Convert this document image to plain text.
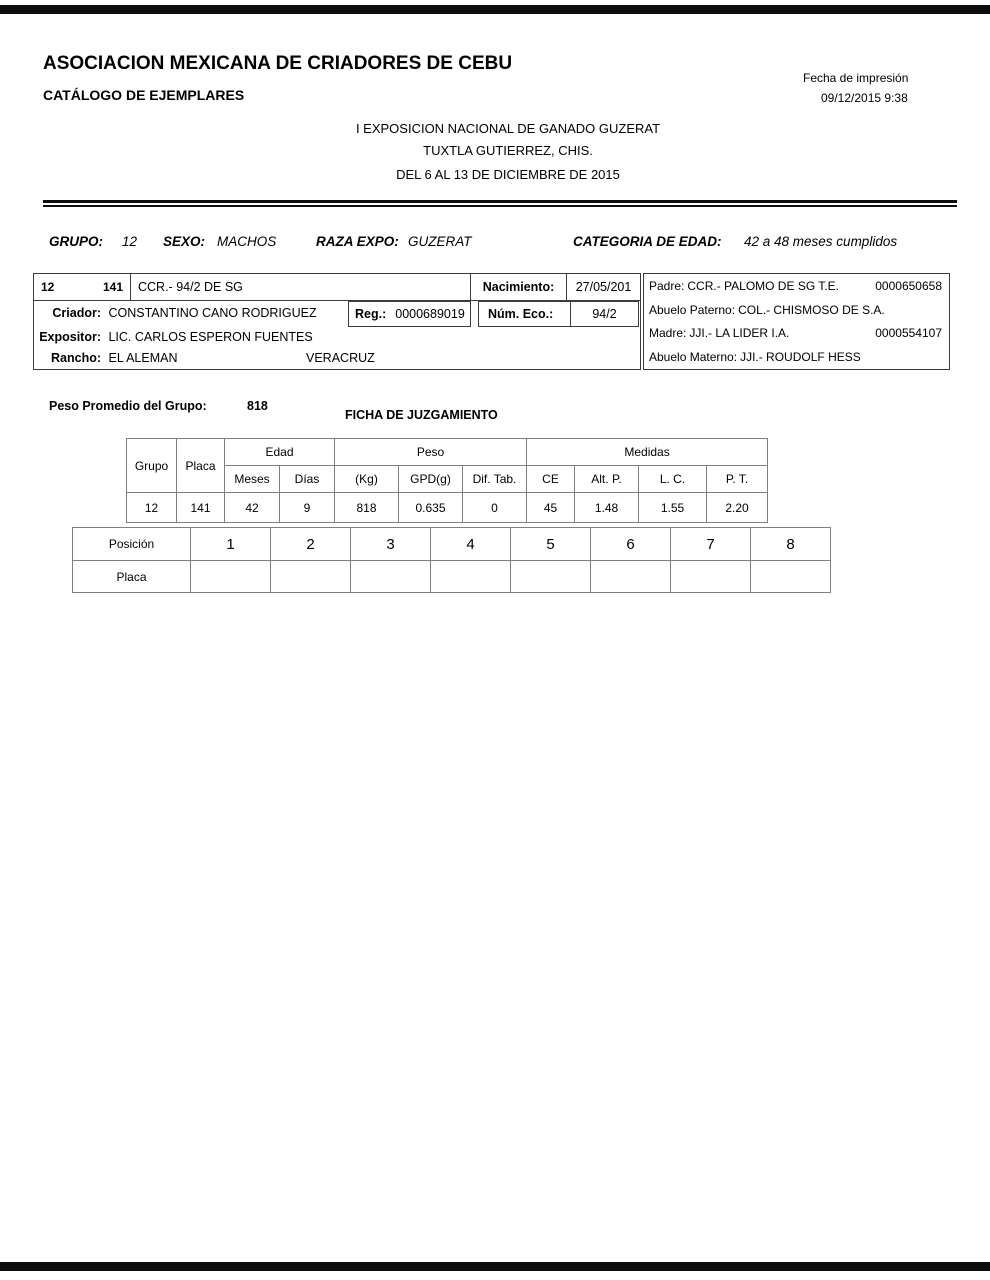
ASOCIACION MEXICANA DE CRIADORES DE CEBU
CATÁLOGO DE EJEMPLARES
Fecha de impresión
09/12/2015 9:38
I EXPOSICION NACIONAL DE GANADO GUZERAT
TUXTLA GUTIERREZ, CHIS.
DEL 6 AL 13 DE DICIEMBRE DE 2015
GRUPO: 12 SEXO: MACHOS	RAZA EXPO: GUZERAT	CATEGORIA DE EDAD: 42 a 48 meses cumplidos
12	141	CCR.- 94/2 DE SG	Nacimiento:	27/05/201
Criador: CONSTANTINO CANO RODRIGUEZ	Reg.: 0000689019	Núm. Eco.:	94/2
Expositor: LIC. CARLOS ESPERON FUENTES
Rancho: EL ALEMAN	VERACRUZ
Padre: CCR.- PALOMO DE SG T.E.	0000650658
Abuelo Paterno: COL.- CHISMOSO DE S.A.
Madre: JJI.- LA LIDER I.A.	0000554107
Abuelo Materno: JJI.- ROUDOLF HESS
Peso Promedio del Grupo:	818
FICHA DE JUZGAMIENTO
Grupo	Placa	Edad		Peso			Medidas			
		Meses	Días	(Kg)	GPD(g)	Dif. Tab.	CE	Alt. P.	L. C.	P. T.
12	141	42	9	818	0.635	0	45	1.48	1.55	2.20
Posición	1	2	3	4	5	6	7	8
Placa								
